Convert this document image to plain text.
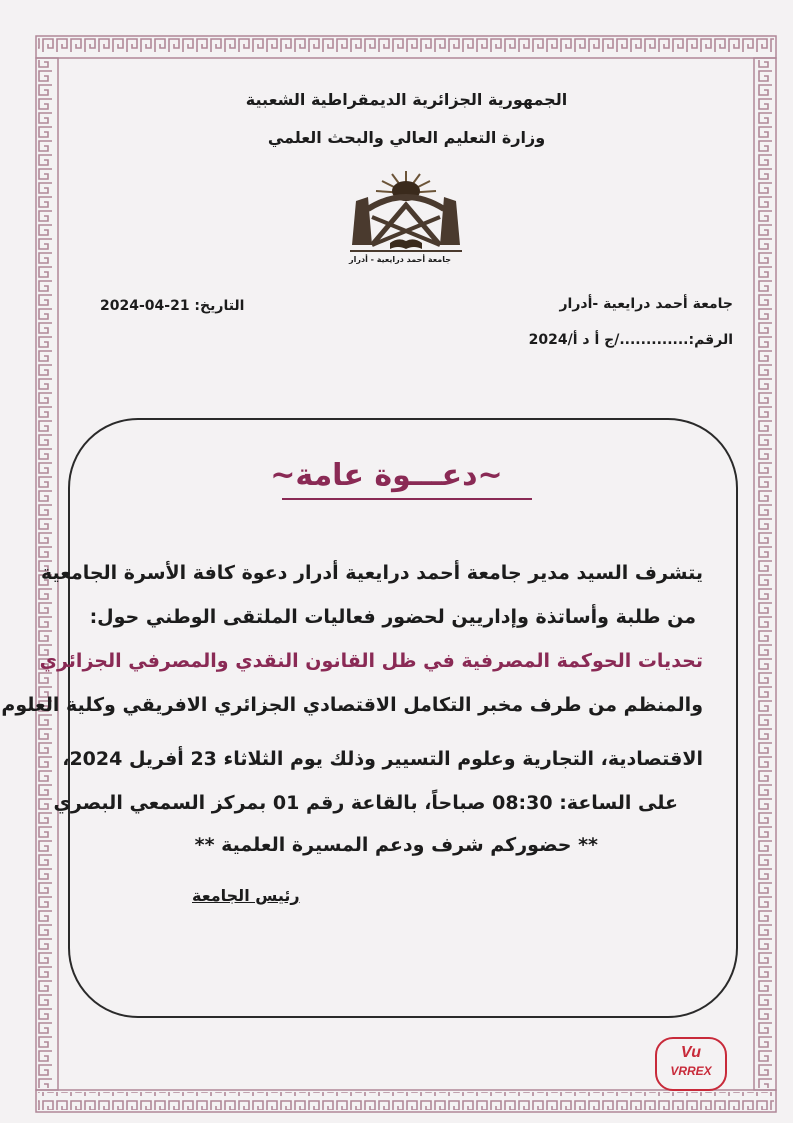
الجمهورية الجزائرية الديمقراطية الشعبية
وزارة التعليم العالي والبحث العلمي
جامعة أحمد درايعية - أدرار
جامعة أحمد درايعية -أدرار
الرقم:............./ج أ د أ/2024
التاريخ: 21-04-2024
~دعـــوة عامة~
يتشرف السيد مدير جامعة أحمد درايعية أدرار دعوة كافة الأسرة الجامعية
من طلبة وأساتذة وإداريين لحضور فعاليات الملتقى الوطني حول:
تحديات الحوكمة المصرفية في ظل القانون النقدي والمصرفي الجزائري
والمنظم من طرف مخبر التكامل الاقتصادي الجزائري الافريقي وكلية العلوم
الاقتصادية، التجارية وعلوم التسيير وذلك يوم الثلاثاء 23 أفريل 2024،
على الساعة: 08:30 صباحاً، بالقاعة رقم 01 بمركز السمعي البصري
** حضوركم شرف ودعم المسيرة العلمية **
رئيس الجامعة
Vu
VRREX
